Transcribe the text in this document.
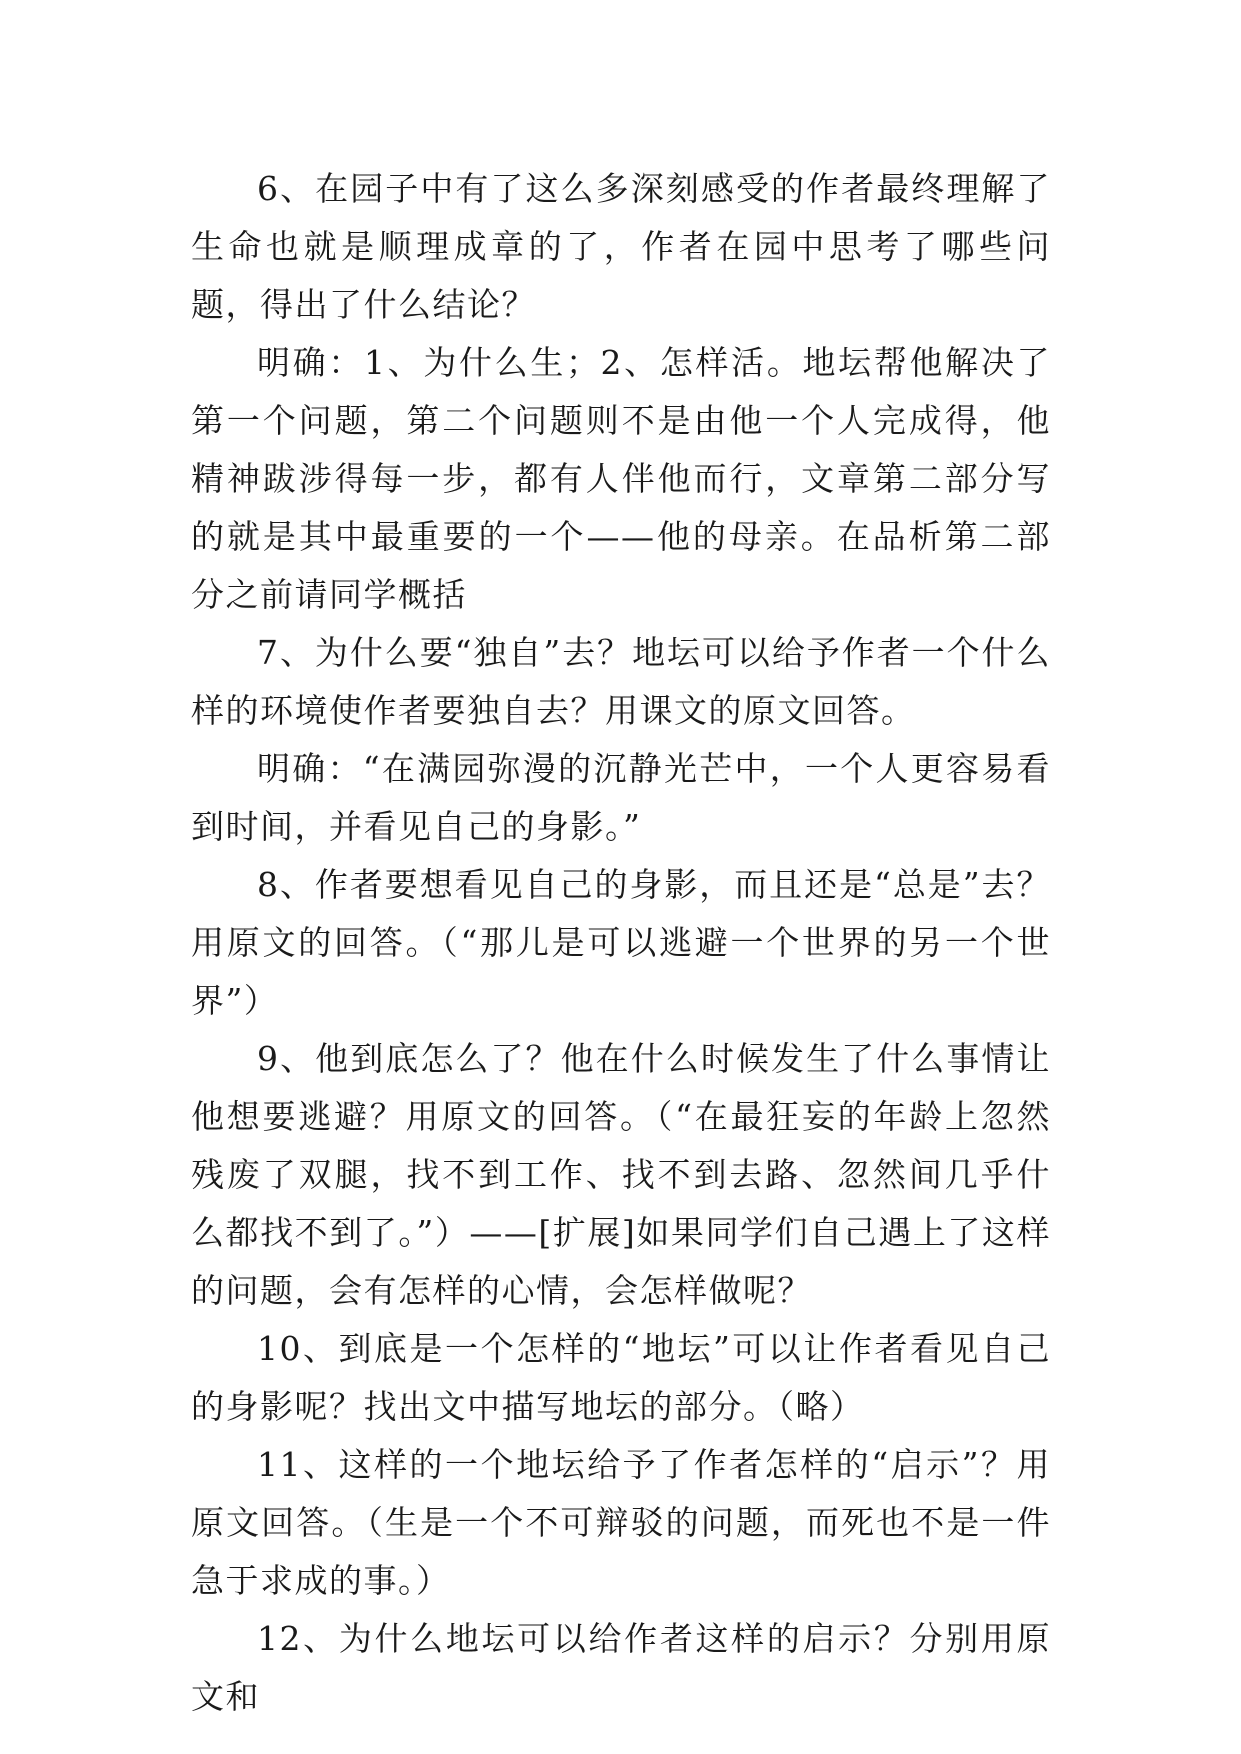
6、在园子中有了这么多深刻感受的作者最终理解了生命也就是顺理成章的了，作者在园中思考了哪些问题，得出了什么结论？

明确：1、为什么生；2、怎样活。地坛帮他解决了第一个问题，第二个问题则不是由他一个人完成得，他精神跋涉得每一步，都有人伴他而行，文章第二部分写的就是其中最重要的一个——他的母亲。在品析第二部分之前请同学概括

7、为什么要“独自”去？地坛可以给予作者一个什么样的环境使作者要独自去？用课文的原文回答。

明确：“在满园弥漫的沉静光芒中，一个人更容易看到时间，并看见自己的身影。”

8、作者要想看见自己的身影，而且还是“总是”去？用原文的回答。（“那儿是可以逃避一个世界的另一个世界”）

9、他到底怎么了？他在什么时候发生了什么事情让他想要逃避？用原文的回答。（“在最狂妄的年龄上忽然残废了双腿，找不到工作、找不到去路、忽然间几乎什么都找不到了。”）——[扩展]如果同学们自己遇上了这样的问题，会有怎样的心情，会怎样做呢？

10、到底是一个怎样的“地坛”可以让作者看见自己的身影呢？找出文中描写地坛的部分。（略）

11、这样的一个地坛给予了作者怎样的“启示”？用原文回答。（生是一个不可辩驳的问题，而死也不是一件急于求成的事。）

12、为什么地坛可以给作者这样的启示？分别用原文和
